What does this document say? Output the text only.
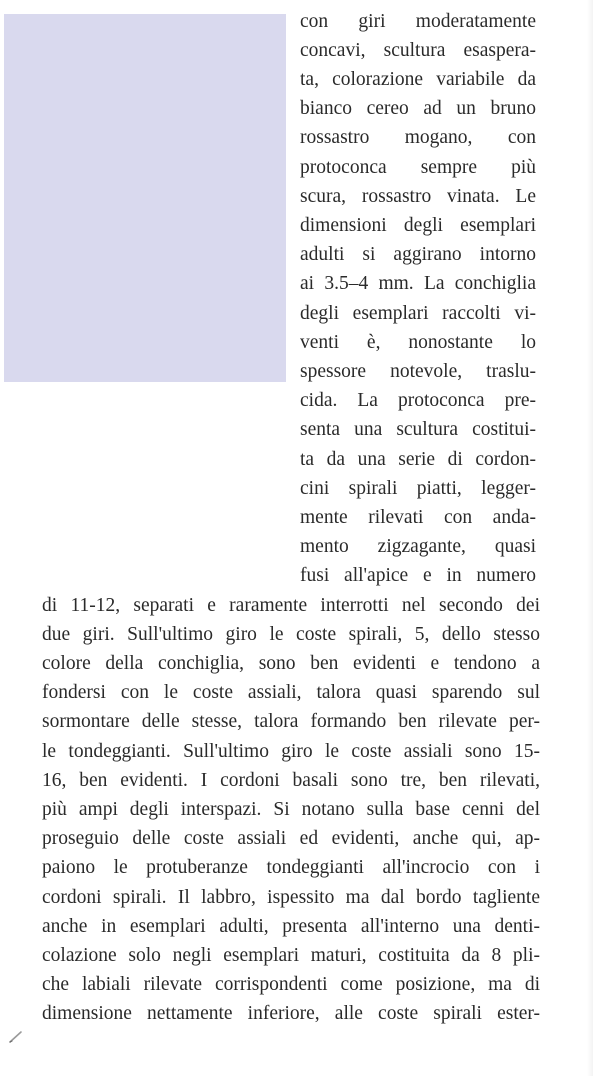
con giri moderatamente
concavi, scultura esaspera-
ta, colorazione variabile da
bianco cereo ad un bruno
rossastro mogano, con
protoconca sempre più
scura, rossastro vinata. Le
dimensioni degli esemplari
adulti si aggirano intorno
ai 3.5–4 mm. La conchiglia
degli esemplari raccolti vi-
venti è, nonostante lo
spessore notevole, traslu-
cida. La protoconca pre-
senta una scultura costitui-
ta da una serie di cordon-
cini spirali piatti, legger-
mente rilevati con anda-
mento zigzagante, quasi
fusi all'apice e in numero
di 11-12, separati e raramente interrotti nel secondo dei
due giri. Sull'ultimo giro le coste spirali, 5, dello stesso
colore della conchiglia, sono ben evidenti e tendono a
fondersi con le coste assiali, talora quasi sparendo sul
sormontare delle stesse, talora formando ben rilevate per-
le tondeggianti. Sull'ultimo giro le coste assiali sono 15-
16, ben evidenti. I cordoni basali sono tre, ben rilevati,
più ampi degli interspazi. Si notano sulla base cenni del
proseguio delle coste assiali ed evidenti, anche qui, ap-
paiono le protuberanze tondeggianti all'incrocio con i
cordoni spirali. Il labbro, ispessito ma dal bordo tagliente
anche in esemplari adulti, presenta all'interno una denti-
colazione solo negli esemplari maturi, costituita da 8 pli-
che labiali rilevate corrispondenti come posizione, ma di
dimensione nettamente inferiore, alle coste spirali ester-
